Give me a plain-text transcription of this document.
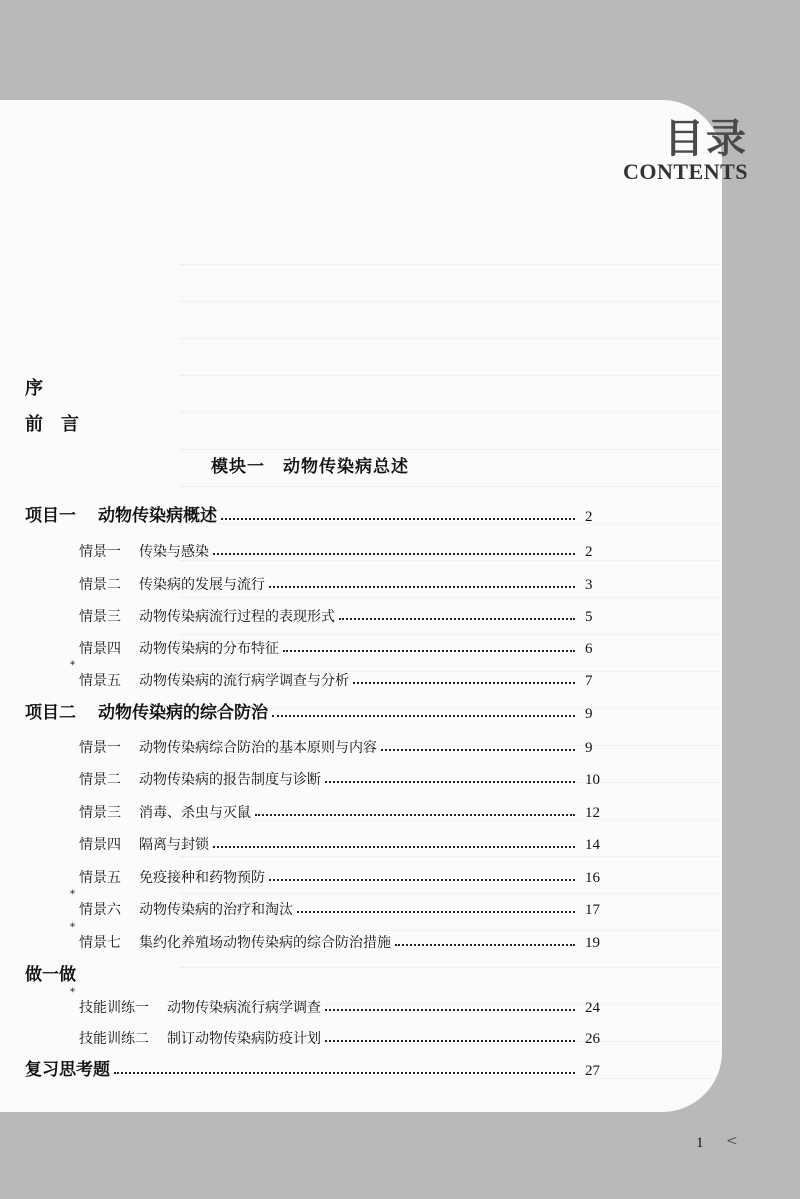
目录
CONTENTS
序
前　言
模块一　动物传染病总述
项目一 动物传染病概述	2
情景一 传染与感染	2
情景二 传染病的发展与流行	3
情景三 动物传染病流行过程的表现形式	5
情景四 动物传染病的分布特征	6
*
情景五 动物传染病的流行病学调查与分析	7
项目二 动物传染病的综合防治	9
情景一 动物传染病综合防治的基本原则与内容	9
情景二 动物传染病的报告制度与诊断	10
情景三 消毒、杀虫与灭鼠	12
情景四 隔离与封锁	14
情景五 免疫接种和药物预防	16
*
情景六 动物传染病的治疗和淘汰	17
*
情景七 集约化养殖场动物传染病的综合防治措施	19
做一做
*
技能训练一 动物传染病流行病学调查	24
技能训练二 制订动物传染病防疫计划	26
复习思考题	27
1 <
